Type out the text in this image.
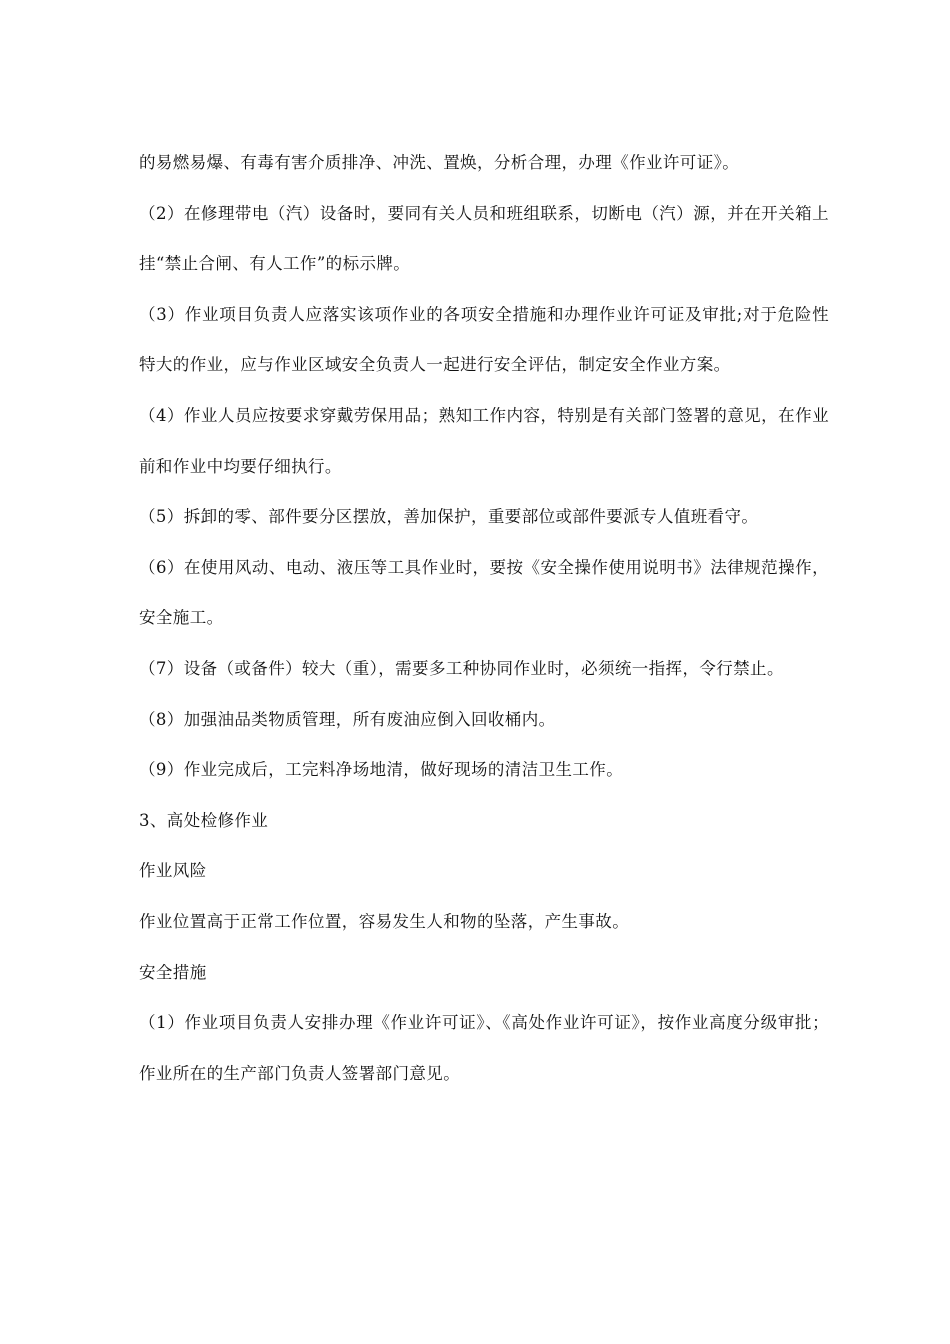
的易燃易爆、有毒有害介质排净、冲洗、置焕，分析合理，办理《作业许可证》。

（2）在修理带电（汽）设备时，要同有关人员和班组联系，切断电（汽）源，并在开关箱上挂“禁止合闸、有人工作”的标示牌。

（3）作业项目负责人应落实该项作业的各项安全措施和办理作业许可证及审批;对于危险性特大的作业，应与作业区域安全负责人一起进行安全评估，制定安全作业方案。

（4）作业人员应按要求穿戴劳保用品；熟知工作内容，特别是有关部门签署的意见，在作业前和作业中均要仔细执行。

（5）拆卸的零、部件要分区摆放，善加保护，重要部位或部件要派专人值班看守。

（6）在使用风动、电动、液压等工具作业时，要按《安全操作使用说明书》法律规范操作，安全施工。

（7）设备（或备件）较大（重），需要多工种协同作业时，必须统一指挥，令行禁止。

（8）加强油品类物质管理，所有废油应倒入回收桶内。

（9）作业完成后，工完料净场地清，做好现场的清洁卫生工作。

3、高处检修作业

作业风险

作业位置高于正常工作位置，容易发生人和物的坠落，产生事故。

安全措施

（1）作业项目负责人安排办理《作业许可证》、《高处作业许可证》，按作业高度分级审批；作业所在的生产部门负责人签署部门意见。
